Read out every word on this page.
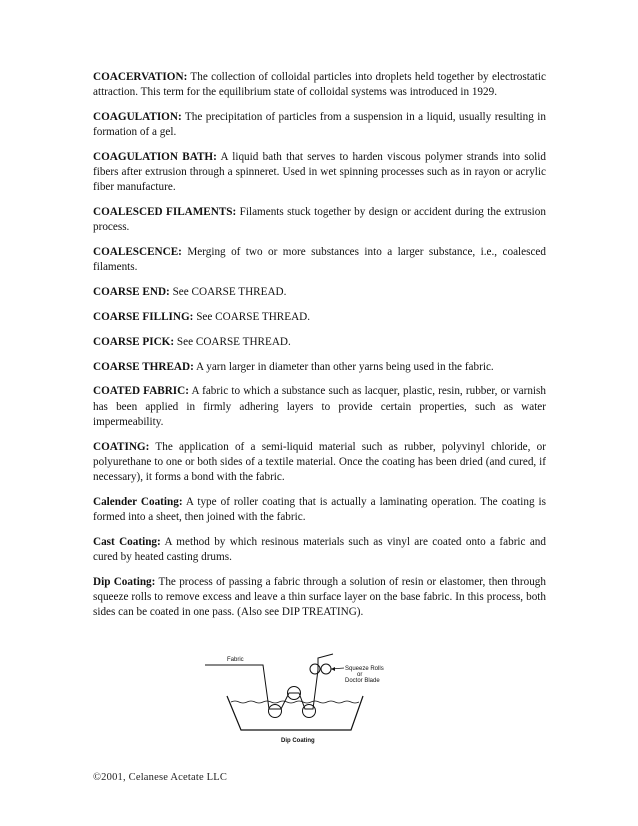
COACERVATION: The collection of colloidal particles into droplets held together by electrostatic attraction. This term for the equilibrium state of colloidal systems was introduced in 1929.

COAGULATION: The precipitation of particles from a suspension in a liquid, usually resulting in formation of a gel.

COAGULATION BATH: A liquid bath that serves to harden viscous polymer strands into solid fibers after extrusion through a spinneret. Used in wet spinning processes such as in rayon or acrylic fiber manufacture.

COALESCED FILAMENTS: Filaments stuck together by design or accident during the extrusion process.

COALESCENCE: Merging of two or more substances into a larger substance, i.e., coalesced filaments.

COARSE END: See COARSE THREAD.

COARSE FILLING: See COARSE THREAD.

COARSE PICK: See COARSE THREAD.

COARSE THREAD: A yarn larger in diameter than other yarns being used in the fabric.

COATED FABRIC: A fabric to which a substance such as lacquer, plastic, resin, rubber, or varnish has been applied in firmly adhering layers to provide certain properties, such as water impermeability.

COATING: The application of a semi-liquid material such as rubber, polyvinyl chloride, or polyurethane to one or both sides of a textile material. Once the coating has been dried (and cured, if necessary), it forms a bond with the fabric.

Calender Coating: A type of roller coating that is actually a laminating operation. The coating is formed into a sheet, then joined with the fabric.

Cast Coating: A method by which resinous materials such as vinyl are coated onto a fabric and cured by heated casting drums.

Dip Coating: The process of passing a fabric through a solution of resin or elastomer, then through squeeze rolls to remove excess and leave a thin surface layer on the base fabric. In this process, both sides can be coated in one pass. (Also see DIP TREATING).

Fabric
Squeeze Rolls
or
Doctor Blade
Dip Coating
©2001, Celanese Acetate LLC
